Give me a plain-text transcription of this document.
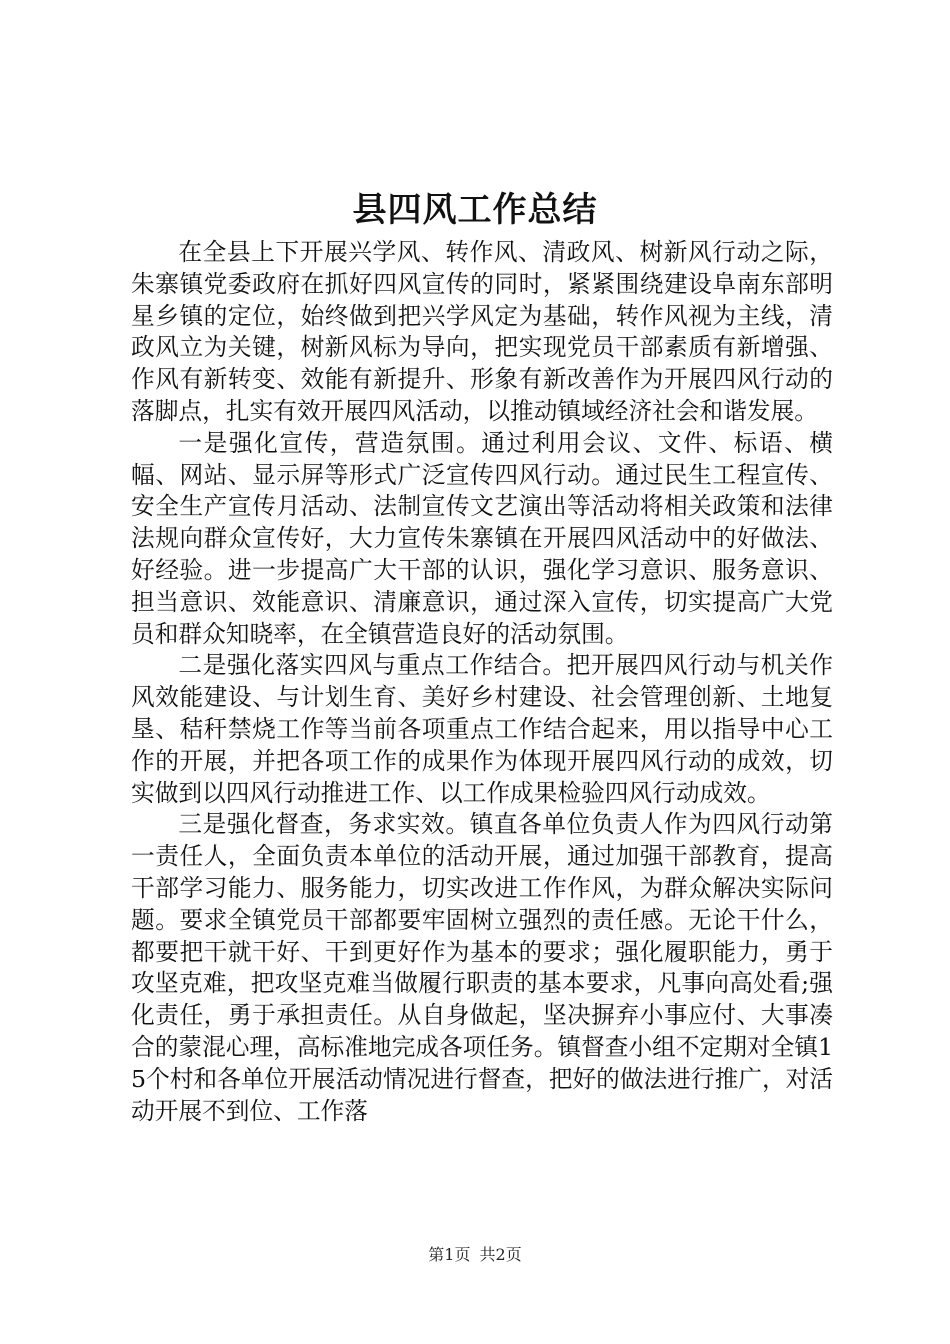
县四风工作总结

在全县上下开展兴学风、转作风、清政风、树新风行动之际，朱寨镇党委政府在抓好四风宣传的同时，紧紧围绕建设阜南东部明星乡镇的定位，始终做到把兴学风定为基础，转作风视为主线，清政风立为关键，树新风标为导向，把实现党员干部素质有新增强、作风有新转变、效能有新提升、形象有新改善作为开展四风行动的落脚点，扎实有效开展四风活动，以推动镇域经济社会和谐发展。

一是强化宣传，营造氛围。通过利用会议、文件、标语、横幅、网站、显示屏等形式广泛宣传四风行动。通过民生工程宣传、安全生产宣传月活动、法制宣传文艺演出等活动将相关政策和法律法规向群众宣传好，大力宣传朱寨镇在开展四风活动中的好做法、好经验。进一步提高广大干部的认识，强化学习意识、服务意识、担当意识、效能意识、清廉意识，通过深入宣传，切实提高广大党员和群众知晓率，在全镇营造良好的活动氛围。

二是强化落实四风与重点工作结合。把开展四风行动与机关作风效能建设、与计划生育、美好乡村建设、社会管理创新、土地复垦、秸秆禁烧工作等当前各项重点工作结合起来，用以指导中心工作的开展，并把各项工作的成果作为体现开展四风行动的成效，切实做到以四风行动推进工作、以工作成果检验四风行动成效。

三是强化督查，务求实效。镇直各单位负责人作为四风行动第一责任人，全面负责本单位的活动开展，通过加强干部教育，提高干部学习能力、服务能力，切实改进工作作风，为群众解决实际问题。要求全镇党员干部都要牢固树立强烈的责任感。无论干什么，都要把干就干好、干到更好作为基本的要求；强化履职能力，勇于攻坚克难，把攻坚克难当做履行职责的基本要求，凡事向高处看;强化责任，勇于承担责任。从自身做起，坚决摒弃小事应付、大事凑合的蒙混心理，高标准地完成各项任务。镇督查小组不定期对全镇15个村和各单位开展活动情况进行督查，把好的做法进行推广，对活动开展不到位、工作落

第1页 共2页
